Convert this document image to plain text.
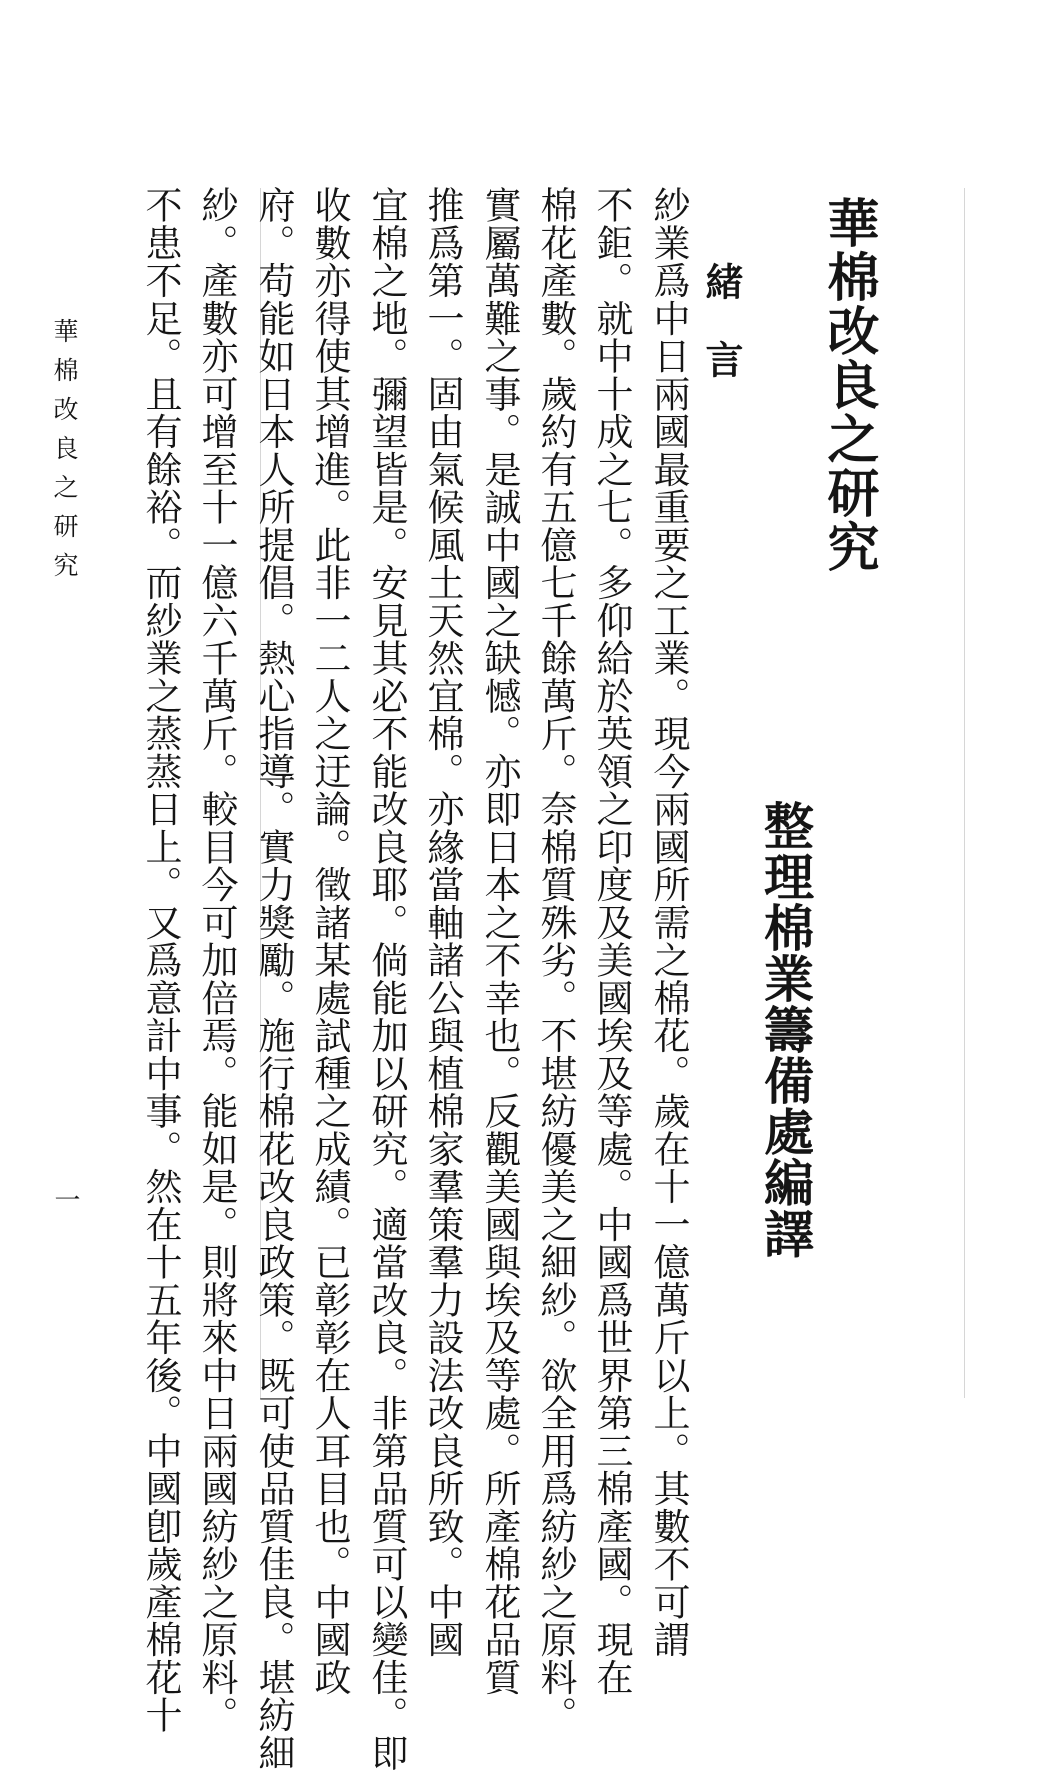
華棉改良之研究
整理棉業籌備處編譯
緒言

紗業爲中日兩國最重要之工業。現今兩國所需之棉花。歲在十一億萬斤以上。其數不可謂

不鉅。就中十成之七。多仰給於英領之印度及美國埃及等處。中國爲世界第三棉產國。現在

棉花產數。歲約有五億七千餘萬斤。奈棉質殊劣。不堪紡優美之細紗。欲全用爲紡紗之原料。

實屬萬難之事。是誠中國之缺憾。亦即日本之不幸也。反觀美國與埃及等處。所產棉花品質

推爲第一。固由氣候風土天然宜棉。亦緣當軸諸公與植棉家羣策羣力設法改良所致。中國

宜棉之地。彌望皆是。安見其必不能改良耶。倘能加以研究。適當改良。非第品質可以變佳。即

收數亦得使其增進。此非一二人之迂論。徵諸某處試種之成績。已彰彰在人耳目也。中國政

府。苟能如日本人所提倡。熱心指導。實力獎勵。施行棉花改良政策。既可使品質佳良。堪紡細

紗。產數亦可增至十一億六千萬斤。較目今可加倍焉。能如是。則將來中日兩國紡紗之原料。

不患不足。且有餘裕。而紗業之蒸蒸日上。又爲意計中事。然在十五年後。中國卽歲產棉花十

華棉改良之研究
一
